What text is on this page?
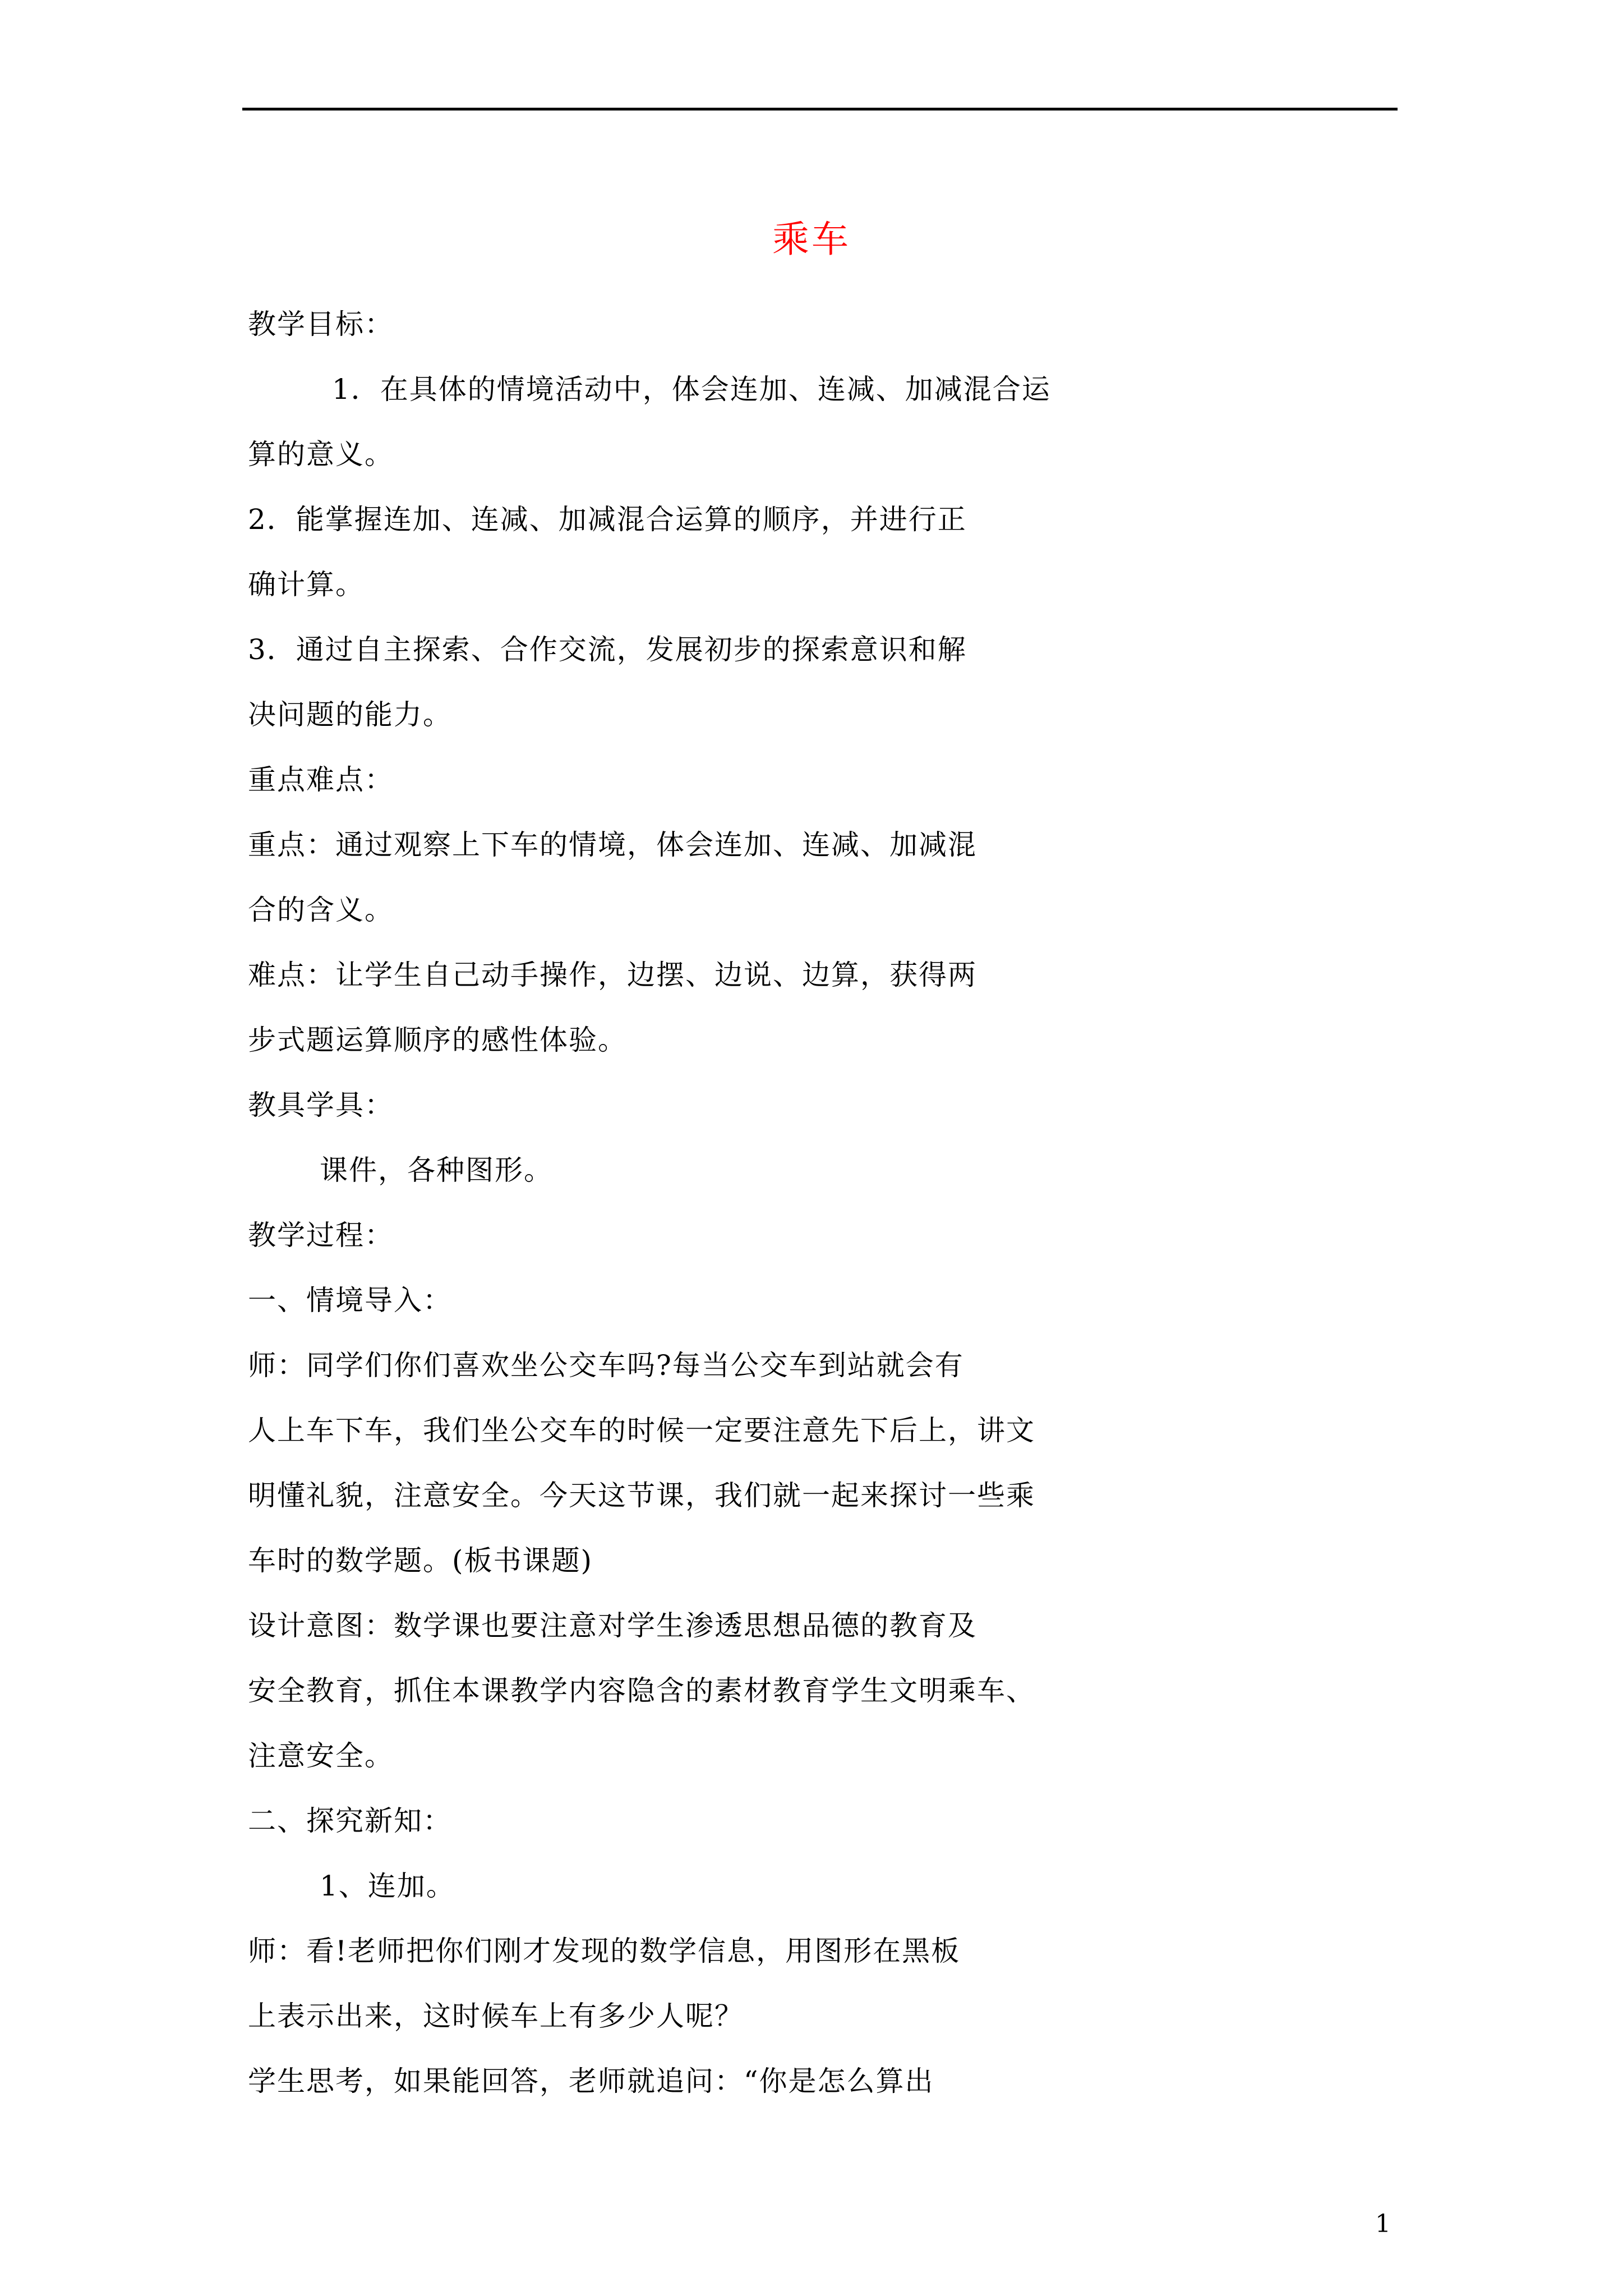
乘车
教学目标：
1．在具体的情境活动中，体会连加、连减、加减混合运
算的意义。
2．能掌握连加、连减、加减混合运算的顺序，并进行正
确计算。
3．通过自主探索、合作交流，发展初步的探索意识和解
决问题的能力。
重点难点：
重点：通过观察上下车的情境，体会连加、连减、加减混
合的含义。
难点：让学生自己动手操作，边摆、边说、边算，获得两
步式题运算顺序的感性体验。
教具学具：
课件，各种图形。
教学过程：
一、情境导入：
师：同学们你们喜欢坐公交车吗?每当公交车到站就会有
人上车下车，我们坐公交车的时候一定要注意先下后上，讲文
明懂礼貌，注意安全。今天这节课，我们就一起来探讨一些乘
车时的数学题。(板书课题)
设计意图：数学课也要注意对学生渗透思想品德的教育及
安全教育，抓住本课教学内容隐含的素材教育学生文明乘车、
注意安全。
二、探究新知：
1、连加。
师：看!老师把你们刚才发现的数学信息，用图形在黑板
上表示出来，这时候车上有多少人呢？
学生思考，如果能回答，老师就追问：“你是怎么算出
1
